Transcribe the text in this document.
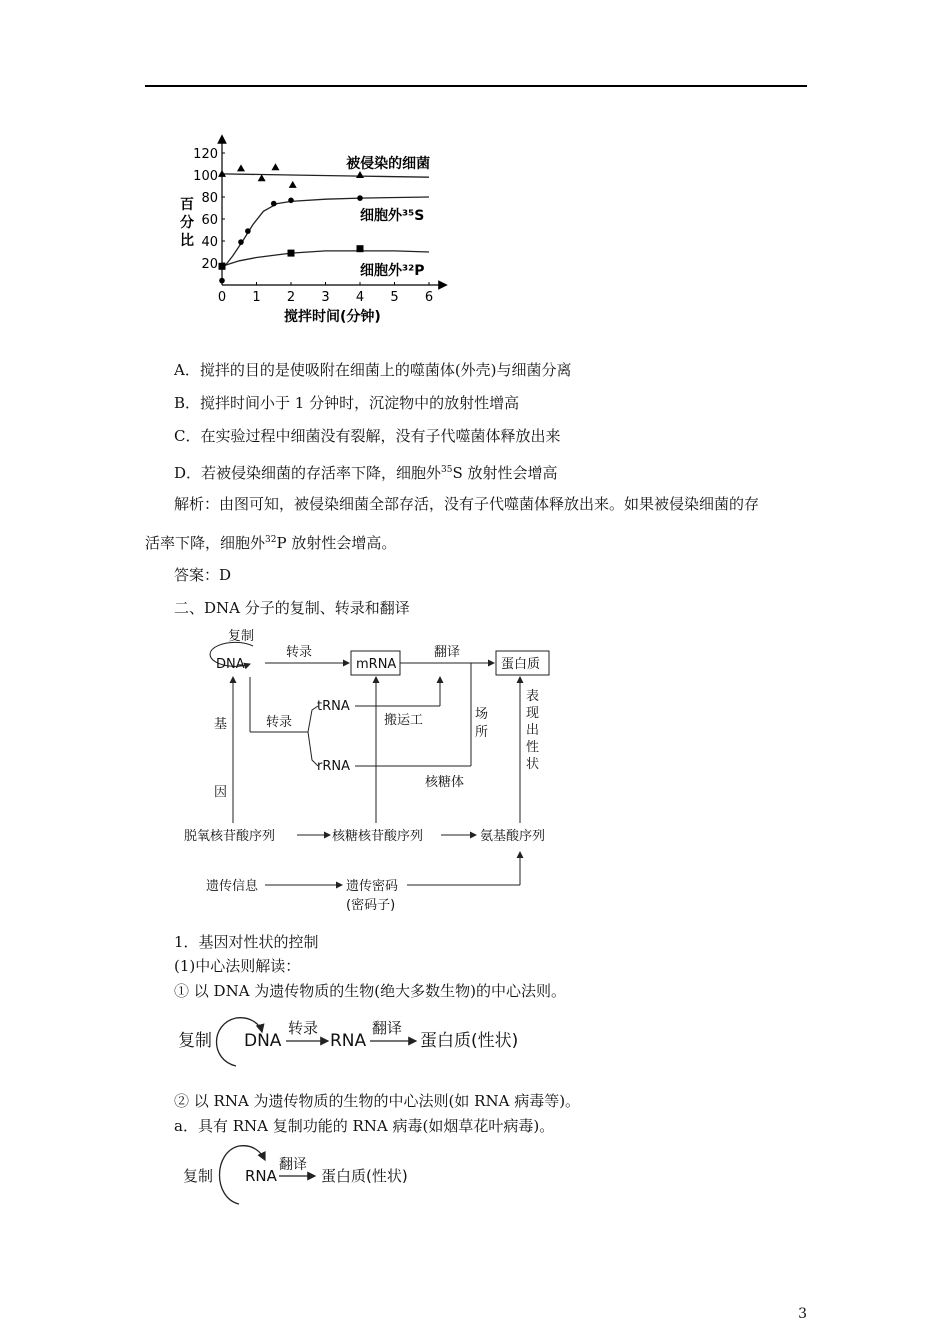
0 1 2 3 4 5 6
20
40
60
80
100
120
百
分
比
搅拌时间(分钟)
被侵染的细菌
细胞外³⁵S
细胞外³²P
A．搅拌的目的是使吸附在细菌上的噬菌体(外壳)与细菌分离
B．搅拌时间小于 1 分钟时，沉淀物中的放射性增高
C．在实验过程中细菌没有裂解，没有子代噬菌体释放出来
D．若被侵染细菌的存活率下降，细胞外$^{35}$S 放射性会增高
解析：由图可知，被侵染细菌全部存活，没有子代噬菌体释放出来。如果被侵染细菌的存
活率下降，细胞外$^{32}$P 放射性会增高。
答案：D
二、DNA 分子的复制、转录和翻译
复制
DNA
转录
mRNA
翻译
蛋白质
基
因
转录
tRNA
搬运工	场
所
rRNA
核糖体
表
现
出
性
状
脱氧核苷酸序列	核糖核苷酸序列	氨基酸序列
遗传信息	遗传密码
(密码子)
1．基因对性状的控制
(1)中心法则解读：
① 以 DNA 为遗传物质的生物(绝大多数生物)的中心法则。
复制 DNA
转录
RNA
翻译
蛋白质(性状)
② 以 RNA 为遗传物质的生物的中心法则(如 RNA 病毒等)。
a．具有 RNA 复制功能的 RNA 病毒(如烟草花叶病毒)。
复制 RNA
翻译
蛋白质(性状)
3
